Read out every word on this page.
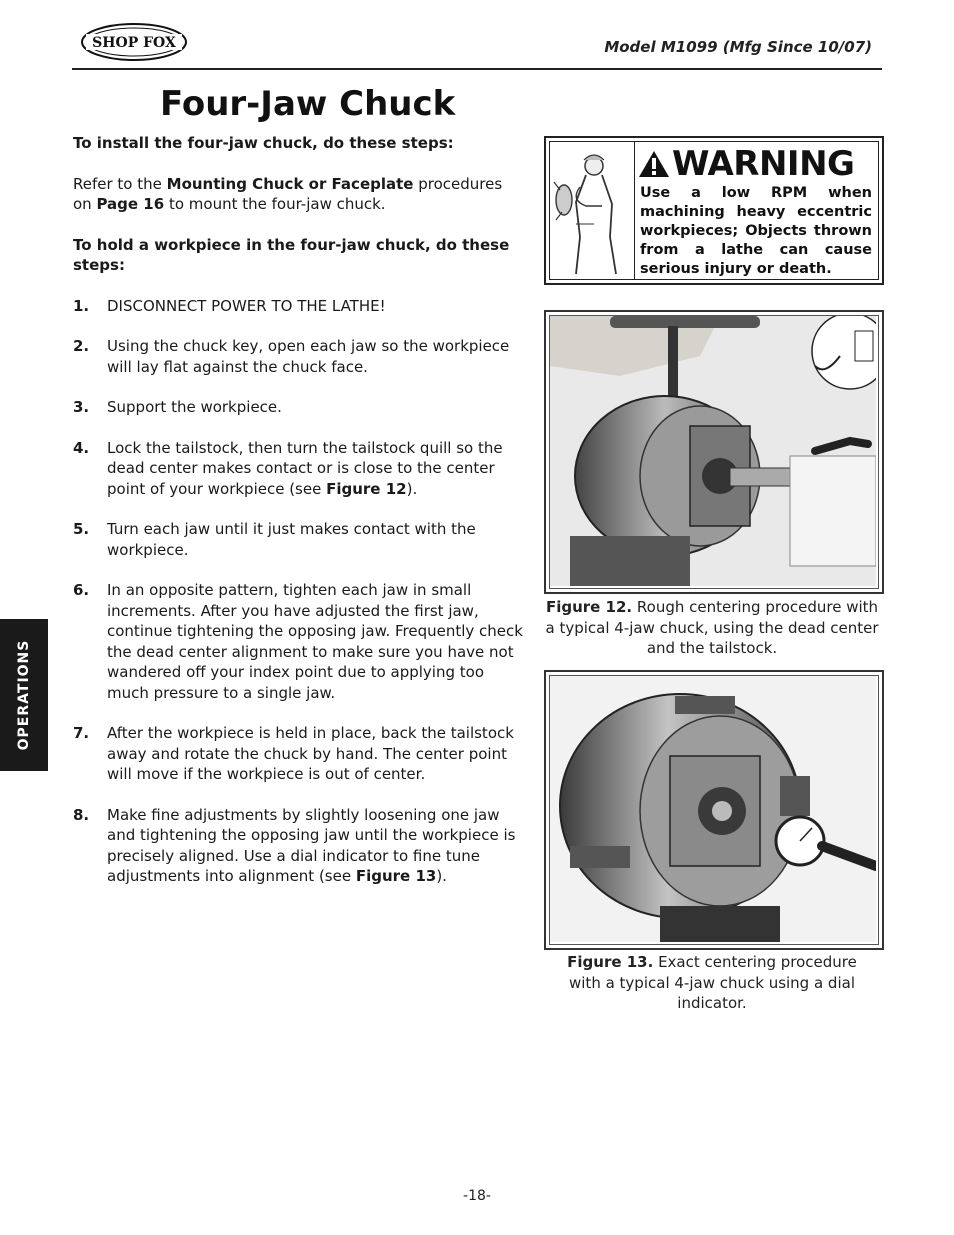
SHOP FOX	Model M1099 (Mfg Since 10/07)
Four-Jaw Chuck
OPERATIONS

To install the four-jaw chuck, do these steps:

Refer to the Mounting Chuck or Faceplate procedures on Page 16 to mount the four-jaw chuck.

To hold a workpiece in the four-jaw chuck, do these steps:

1. DISCONNECT POWER TO THE LATHE!
2. Using the chuck key, open each jaw so the workpiece will lay flat against the chuck face.
3. Support the workpiece.
4. Lock the tailstock, then turn the tailstock quill so the dead center makes contact or is close to the center point of your workpiece (see Figure 12).
5. Turn each jaw until it just makes contact with the workpiece.
6. In an opposite pattern, tighten each jaw in small increments. After you have adjusted the first jaw, continue tightening the opposing jaw. Frequently check the dead center alignment to make sure you have not wandered off your index point due to applying too much pressure to a single jaw.
7. After the workpiece is held in place, back the tailstock away and rotate the chuck by hand. The center point will move if the workpiece is out of center.
8. Make fine adjustments by slightly loosening one jaw and tightening the opposing jaw until the workpiece is precisely aligned. Use a dial indicator to fine tune adjustments into alignment (see Figure 13).
WARNING
Use a low RPM when machining heavy eccentric workpieces; Objects thrown from a lathe can cause serious injury or death.
Figure 12. Rough centering procedure with a typical 4-jaw chuck, using the dead center and the tailstock.
Figure 13. Exact centering procedure with a typical 4-jaw chuck using a dial indicator.
-18-
